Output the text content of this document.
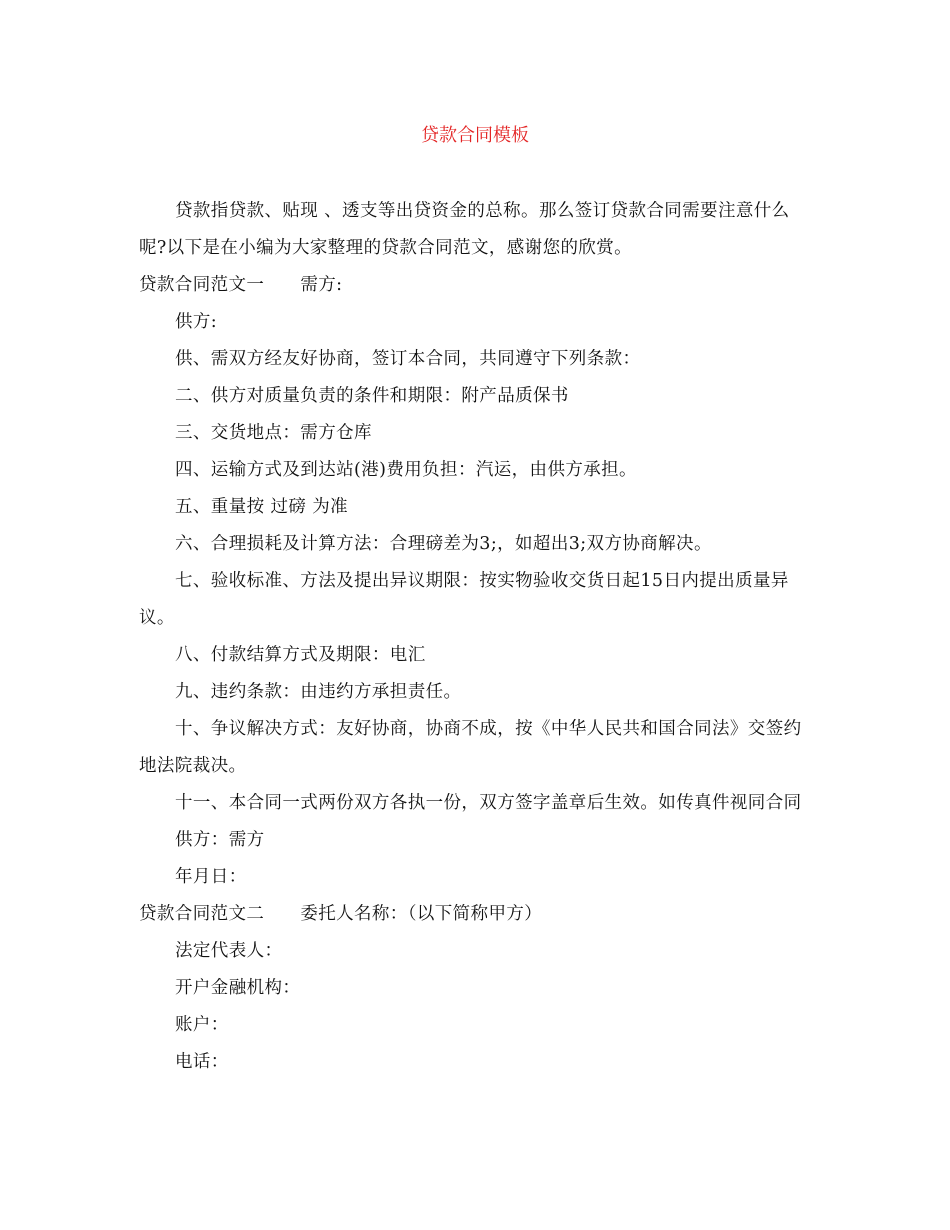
贷款合同模板

贷款指贷款、贴现 、透支等出贷资金的总称。那么签订贷款合同需要注意什么呢?以下是在小编为大家整理的贷款合同范文，感谢您的欣赏。

贷款合同范文一 需方:

供方:

供、需双方经友好协商，签订本合同，共同遵守下列条款：

二、供方对质量负责的条件和期限：附产品质保书

三、交货地点：需方仓库

四、运输方式及到达站(港)费用负担：汽运，由供方承担。

五、重量按 过磅 为准

六、合理损耗及计算方法：合理磅差为3;，如超出3;双方协商解决。

七、验收标准、方法及提出异议期限：按实物验收交货日起15日内提出质量异议。

八、付款结算方式及期限：电汇

九、违约条款：由违约方承担责任。

十、争议解决方式：友好协商，协商不成，按《中华人民共和国合同法》交签约地法院裁决。

十一、本合同一式两份双方各执一份，双方签字盖章后生效。如传真件视同合同

供方：需方

年月日：

贷款合同范文二 委托人名称：（以下简称甲方）

法定代表人：

开户金融机构：

账户：

电话：
